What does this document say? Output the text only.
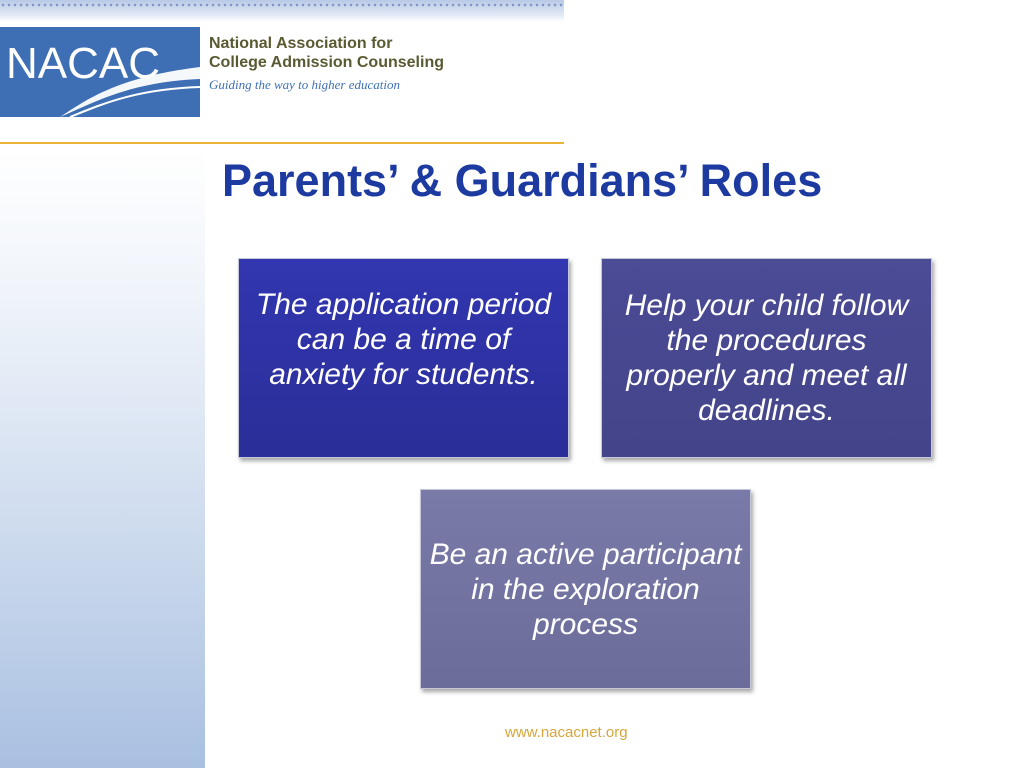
NACAC	National Association for
College Admission Counseling
Guiding the way to higher education
Parents’ & Guardians’ Roles
The application period can be a time of anxiety for students.
Help your child follow the procedures properly and meet all deadlines.
Be an active participant in the exploration process
www.nacacnet.org
